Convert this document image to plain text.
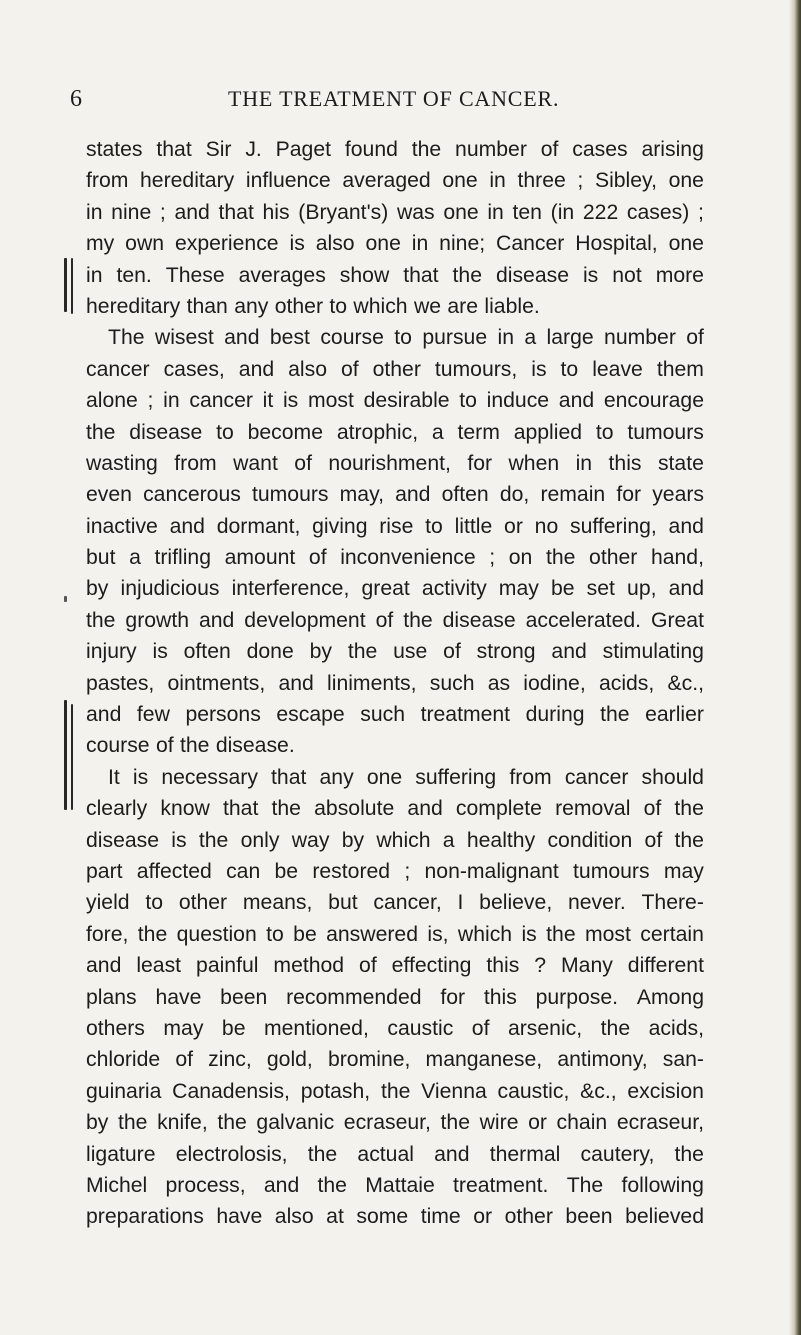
6	THE TREATMENT OF CANCER.
states that Sir J. Paget found the number of cases arising
from hereditary influence averaged one in three ; Sibley, one
in nine ; and that his (Bryant's) was one in ten (in 222 cases) ;
my own experience is also one in nine; Cancer Hospital, one
in ten. These averages show that the disease is not more
hereditary than any other to which we are liable.
The wisest and best course to pursue in a large number of
cancer cases, and also of other tumours, is to leave them
alone ; in cancer it is most desirable to induce and encourage
the disease to become atrophic, a term applied to tumours
wasting from want of nourishment, for when in this state
even cancerous tumours may, and often do, remain for years
inactive and dormant, giving rise to little or no suffering, and
but a trifling amount of inconvenience ; on the other hand,
by injudicious interference, great activity may be set up, and
the growth and development of the disease accelerated. Great
injury is often done by the use of strong and stimulating
pastes, ointments, and liniments, such as iodine, acids, &c.,
and few persons escape such treatment during the earlier
course of the disease.
It is necessary that any one suffering from cancer should
clearly know that the absolute and complete removal of the
disease is the only way by which a healthy condition of the
part affected can be restored ; non-malignant tumours may
yield to other means, but cancer, I believe, never. There-
fore, the question to be answered is, which is the most certain
and least painful method of effecting this ? Many different
plans have been recommended for this purpose. Among
others may be mentioned, caustic of arsenic, the acids,
chloride of zinc, gold, bromine, manganese, antimony, san-
guinaria Canadensis, potash, the Vienna caustic, &c., excision
by the knife, the galvanic ecraseur, the wire or chain ecraseur,
ligature electrolosis, the actual and thermal cautery, the
Michel process, and the Mattaie treatment. The following
preparations have also at some time or other been believed
